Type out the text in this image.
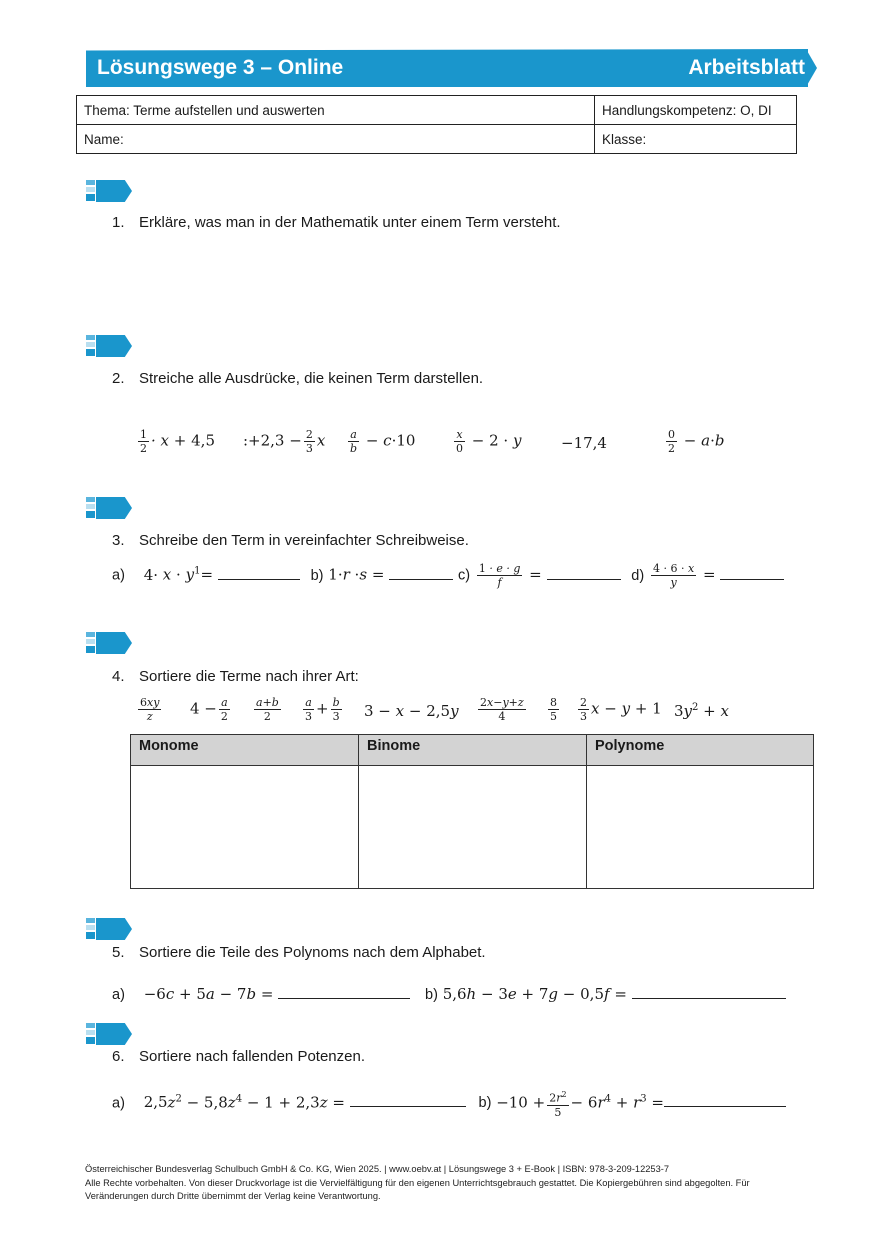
Lösungswege 3 – Online	Arbeitsblatt
Thema: Terme aufstellen und auswerten	Handlungskompetenz: O, DI
Name:	Klasse:
1. Erkläre, was man in der Mathematik unter einem Term versteht.
2. Streiche alle Ausdrücke, die keinen Term darstellen.
$\frac{1}{2} \cdot x + 4,5$ :+2,3 − $\frac{2}{3}$ x $\frac{a}{b} - c\cdot 10$	$\frac{x}{0} - 2 \cdot y$	−17,4	$\frac{0}{2} - a\cdot b$
3. Schreibe den Term in vereinfachter Schreibweise.
a) $4\cdot x \cdot y^1=$	b) 1·r ·s =	$c) \frac{1 \cdot e \cdot g}{f}$ =	$d) \frac{4 \cdot 6 \cdot x}{y}$ =
4. Sortiere die Terme nach ihrer Art:
$\frac{6xy}{z} 4 - \frac{a}{2} \frac{a+b}{2} \frac{a}{3} + \frac{b}{3} 3 - x - 2,5y \frac{2x-y+z}{4} \frac{8}{5} \frac{2}{3}$ x − y + 1 $3y^2 + x$
Monome	Binome	Polynome

5. Sortiere die Teile des Polynoms nach dem Alphabet.
a) −6c + 5a − 7b =	b) 5,6h − 3e + 7g − 0,5f =
6. Sortiere nach fallenden Potenzen.
a) $2,5z^2 - 5,8z^4 - 1 + 2,3z$ =	$b) -10 + \frac{2r^2}{5} - 6r^4 + r^3$ =
Österreichischer Bundesverlag Schulbuch GmbH & Co. KG, Wien 2025. | www.oebv.at | Lösungswege 3 + E-Book | ISBN: 978-3-209-12253-7
Alle Rechte vorbehalten. Von dieser Druckvorlage ist die Vervielfältigung für den eigenen Unterrichtsgebrauch gestattet. Die Kopiergebühren sind abgegolten. Für
Veränderungen durch Dritte übernimmt der Verlag keine Verantwortung.
